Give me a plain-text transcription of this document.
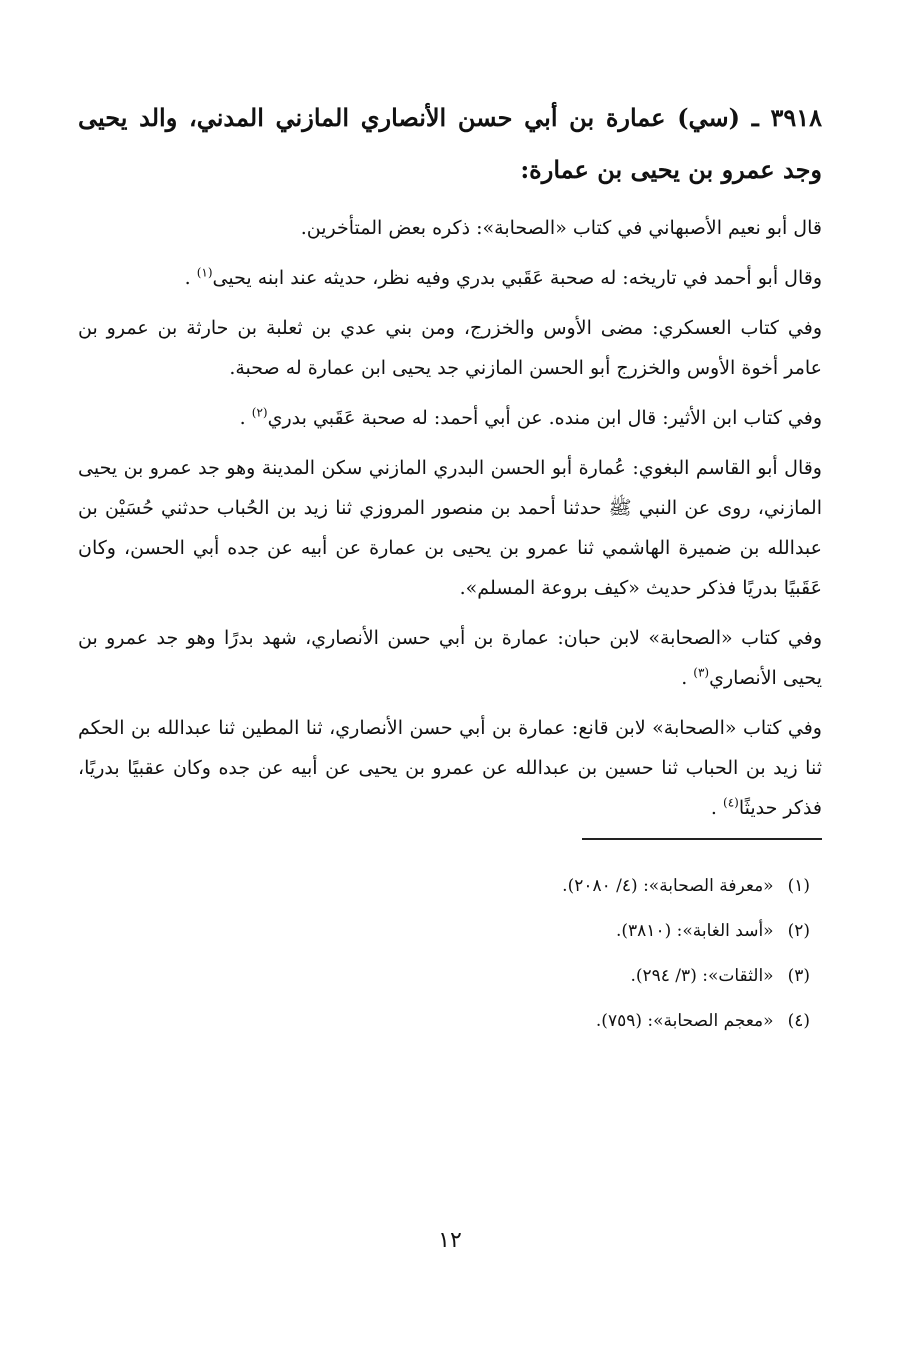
٣٩١٨ ـ (سي) عمارة بن أبي حسن الأنصاري المازني المدني، والد يحيى وجد عمرو بن يحيى بن عمارة:
قال أبو نعيم الأصبهاني في كتاب «الصحابة»: ذكره بعض المتأخرين.
وقال أبو أحمد في تاريخه: له صحبة عَقَبي بدري وفيه نظر، حديثه عند ابنه يحيى$^{(١)}$ .
وفي كتاب العسكري: مضى الأوس والخزرج، ومن بني عدي بن ثعلبة بن حارثة بن عمرو بن عامر أخوة الأوس والخزرج أبو الحسن المازني جد يحيى ابن عمارة له صحبة.
وفي كتاب ابن الأثير: قال ابن منده. عن أبي أحمد: له صحبة عَقَبي بدري$^{(٢)}$ .
وقال أبو القاسم البغوي: عُمارة أبو الحسن البدري المازني سكن المدينة وهو جد عمرو بن يحيى المازني، روى عن النبي ﷺ حدثنا أحمد بن منصور المروزي ثنا زيد بن الحُباب حدثني حُسَيْن بن عبدالله بن ضميرة الهاشمي ثنا عمرو بن يحيى بن عمارة عن أبيه عن جده أبي الحسن، وكان عَقَبيًا بدريًا فذكر حديث «كيف بروعة المسلم».
وفي كتاب «الصحابة» لابن حبان: عمارة بن أبي حسن الأنصاري، شهد بدرًا وهو جد عمرو بن يحيى الأنصاري$^{(٣)}$ .
وفي كتاب «الصحابة» لابن قانع: عمارة بن أبي حسن الأنصاري، ثنا المطين ثنا عبدالله بن الحكم ثنا زيد بن الحباب ثنا حسين بن عبدالله عن عمرو بن يحيى عن أبيه عن جده وكان عقبيًا بدريًا، فذكر حديثًا$^{(٤)}$ .
(١)«معرفة الصحابة»: (٤/ ٢٠٨٠).
(٢)«أسد الغابة»: (٣٨١٠).
(٣)«الثقات»: (٣/ ٢٩٤).
(٤)«معجم الصحابة»: (٧٥٩).
١٢
